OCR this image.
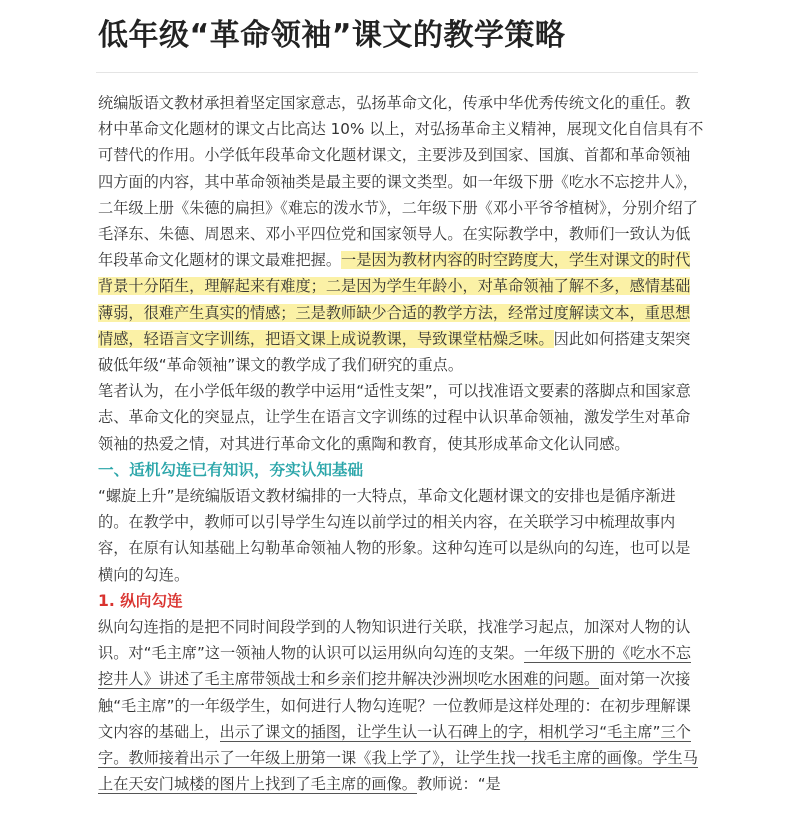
低年级“革命领袖”课文的教学策略

统编版语文教材承担着坚定国家意志，弘扬革命文化，传承中华优秀传统文化的重任。教材中革命文化题材的课文占比高达 10% 以上，对弘扬革命主义精神，展现文化自信具有不可替代的作用。小学低年段革命文化题材课文，主要涉及到国家、国旗、首都和革命领袖四方面的内容，其中革命领袖类是最主要的课文类型。如一年级下册《吃水不忘挖井人》，二年级上册《朱德的扁担》《难忘的泼水节》，二年级下册《邓小平爷爷植树》，分别介绍了毛泽东、朱德、周恩来、邓小平四位党和国家领导人。在实际教学中，教师们一致认为低年段革命文化题材的课文最难把握。一是因为教材内容的时空跨度大，学生对课文的时代背景十分陌生，理解起来有难度；二是因为学生年龄小，对革命领袖了解不多，感情基础薄弱，很难产生真实的情感；三是教师缺少合适的教学方法，经常过度解读文本，重思想情感，轻语言文字训练，把语文课上成说教课，导致课堂枯燥乏味。因此如何搭建支架突破低年级“革命领袖”课文的教学成了我们研究的重点。

笔者认为，在小学低年级的教学中运用“适性支架”，可以找准语文要素的落脚点和国家意志、革命文化的突显点，让学生在语言文字训练的过程中认识革命领袖，激发学生对革命领袖的热爱之情，对其进行革命文化的熏陶和教育，使其形成革命文化认同感。

一、适机勾连已有知识，夯实认知基础

“螺旋上升”是统编版语文教材编排的一大特点，革命文化题材课文的安排也是循序渐进的。在教学中，教师可以引导学生勾连以前学过的相关内容，在关联学习中梳理故事内容，在原有认知基础上勾勒革命领袖人物的形象。这种勾连可以是纵向的勾连，也可以是横向的勾连。

1. 纵向勾连

纵向勾连指的是把不同时间段学到的人物知识进行关联，找准学习起点，加深对人物的认识。对“毛主席”这一领袖人物的认识可以运用纵向勾连的支架。一年级下册的《吃水不忘挖井人》讲述了毛主席带领战士和乡亲们挖井解决沙洲坝吃水困难的问题。面对第一次接触“毛主席”的一年级学生，如何进行人物勾连呢？一位教师是这样处理的：在初步理解课文内容的基础上，出示了课文的插图，让学生认一认石碑上的字，相机学习“毛主席”三个字。教师接着出示了一年级上册第一课《我上学了》，让学生找一找毛主席的画像。学生马上在天安门城楼的图片上找到了毛主席的画像。教师说：“是
